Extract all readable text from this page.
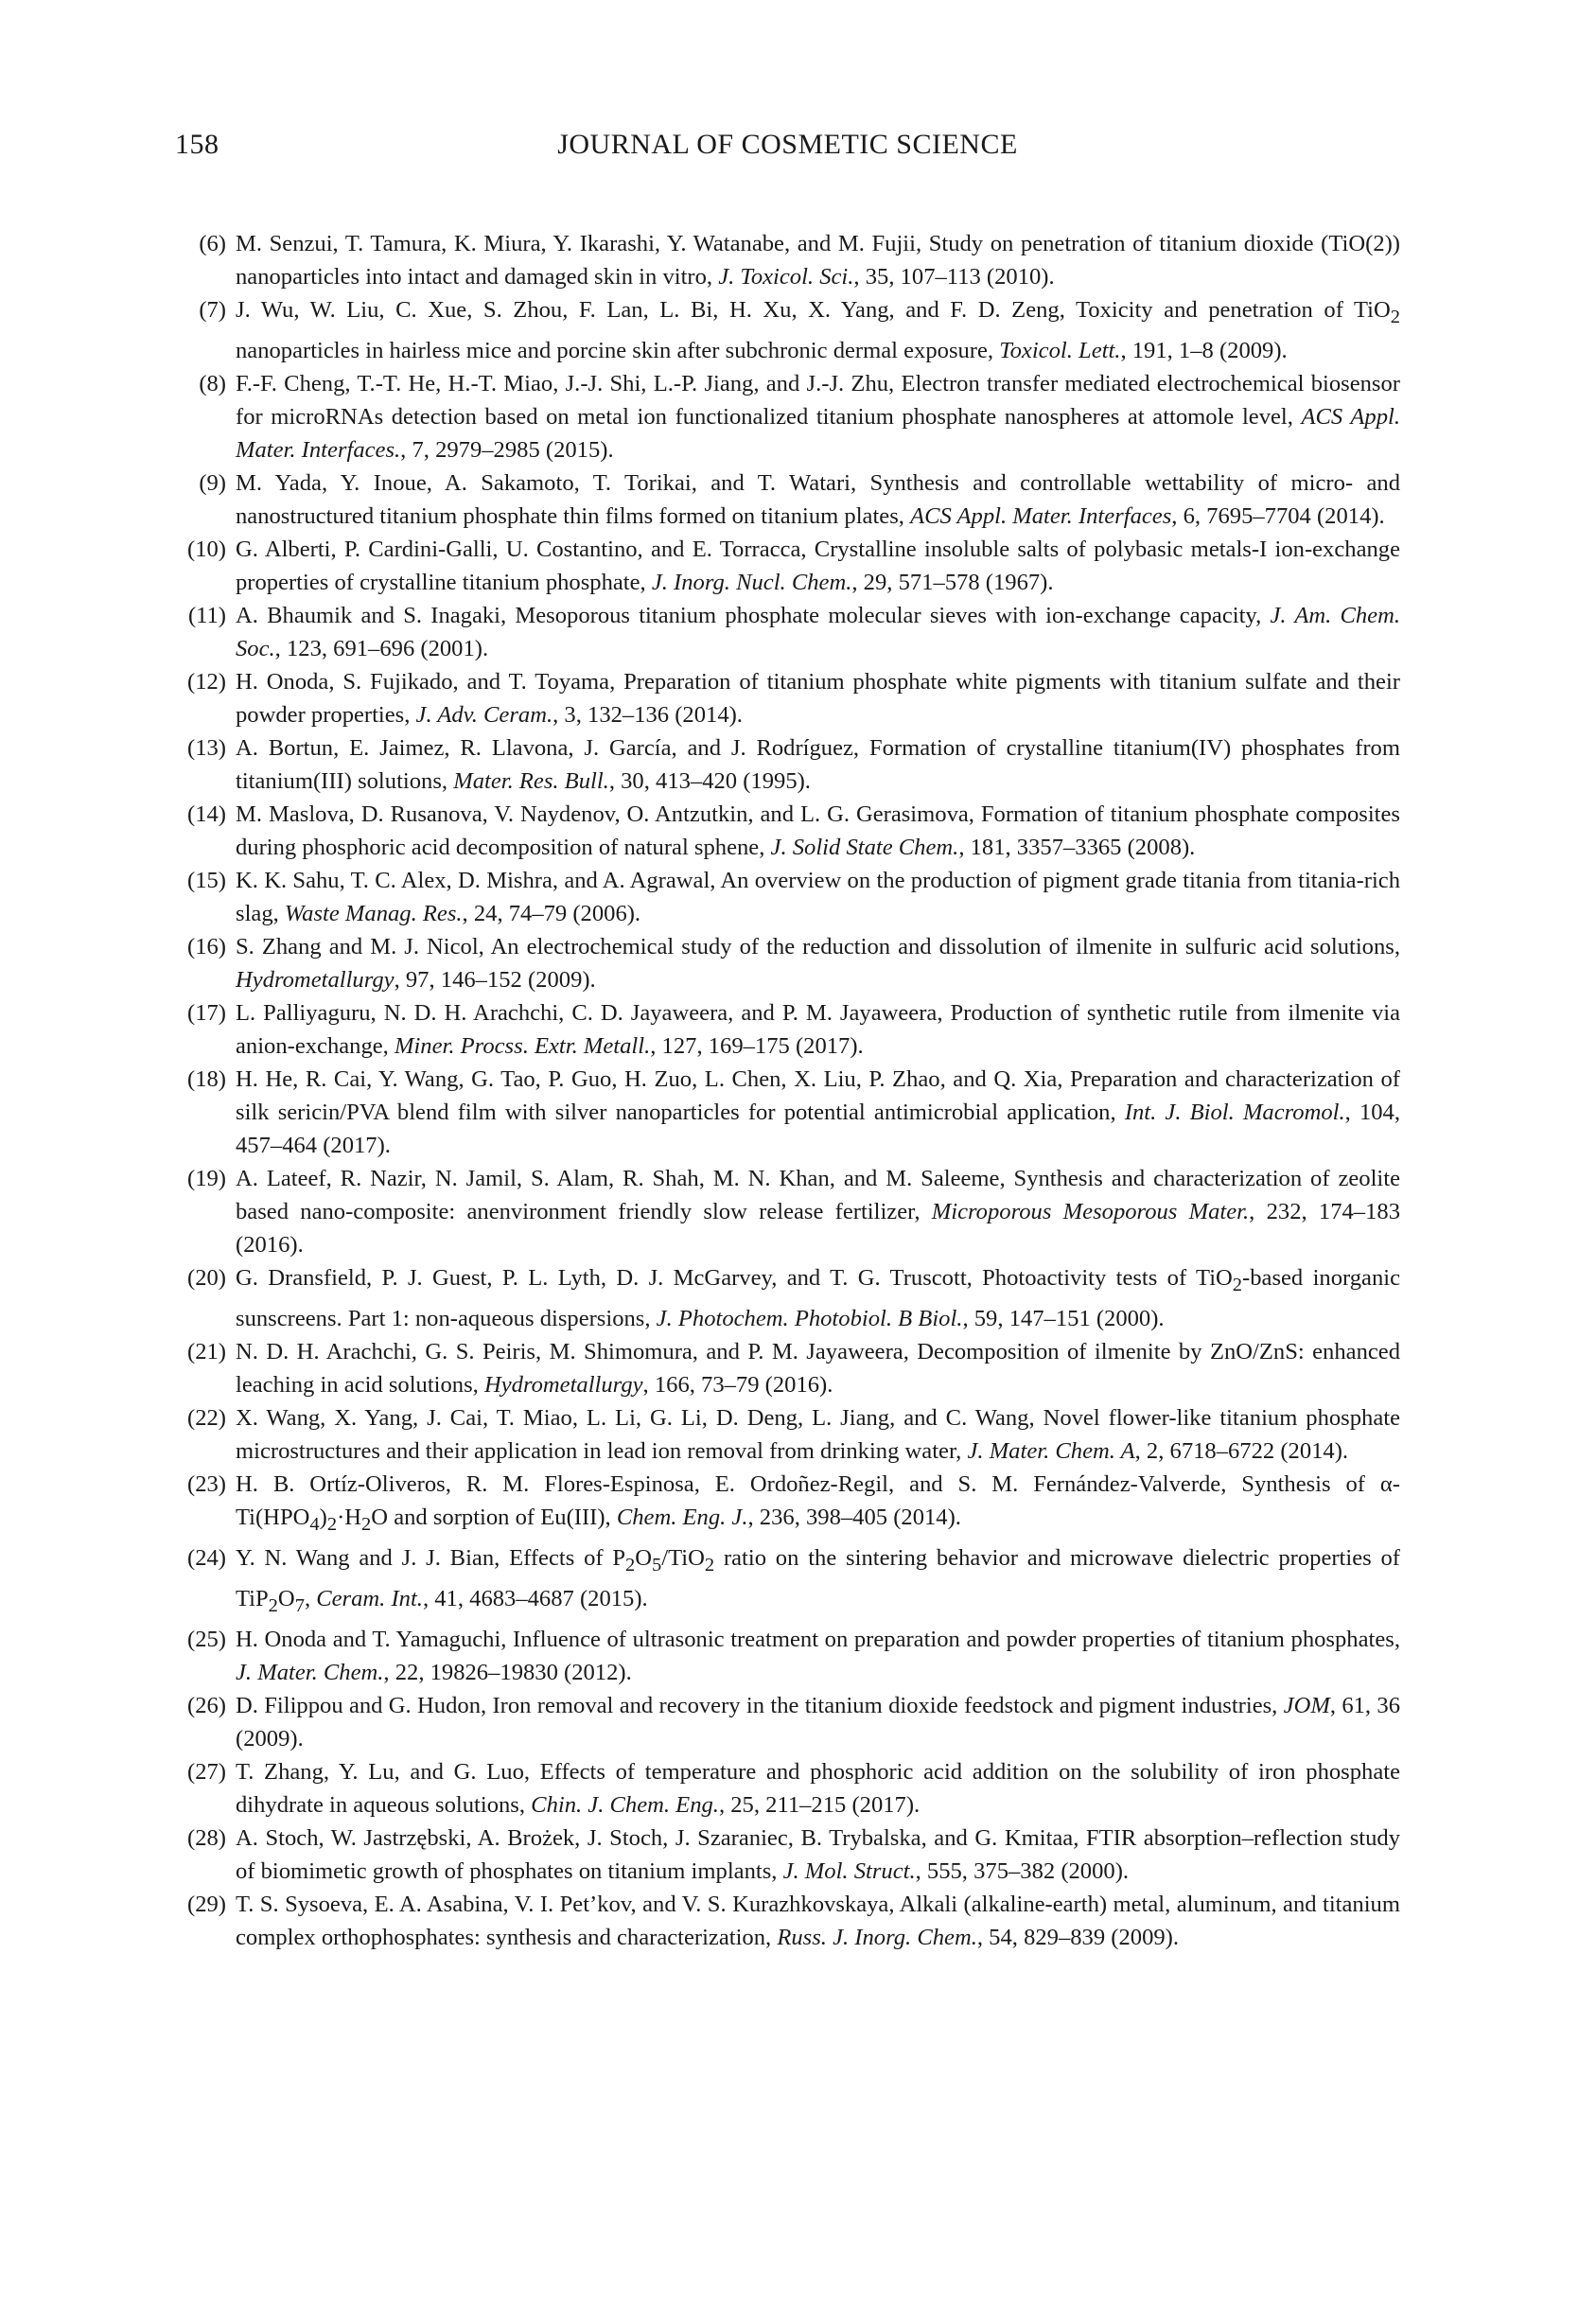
158	JOURNAL OF COSMETIC SCIENCE
(6) M. Senzui, T. Tamura, K. Miura, Y. Ikarashi, Y. Watanabe, and M. Fujii, Study on penetration of titanium dioxide (TiO(2)) nanoparticles into intact and damaged skin in vitro, J. Toxicol. Sci., 35, 107–113 (2010).
(7) J. Wu, W. Liu, C. Xue, S. Zhou, F. Lan, L. Bi, H. Xu, X. Yang, and F. D. Zeng, Toxicity and penetration of TiO$_2$ nanoparticles in hairless mice and porcine skin after subchronic dermal exposure, Toxicol. Lett., 191, 1–8 (2009).
(8) F.-F. Cheng, T.-T. He, H.-T. Miao, J.-J. Shi, L.-P. Jiang, and J.-J. Zhu, Electron transfer mediated electrochemical biosensor for microRNAs detection based on metal ion functionalized titanium phosphate nanospheres at attomole level, ACS Appl. Mater. Interfaces., 7, 2979–2985 (2015).
(9) M. Yada, Y. Inoue, A. Sakamoto, T. Torikai, and T. Watari, Synthesis and controllable wettability of micro- and nanostructured titanium phosphate thin films formed on titanium plates, ACS Appl. Mater. Interfaces, 6, 7695–7704 (2014).
(10) G. Alberti, P. Cardini-Galli, U. Costantino, and E. Torracca, Crystalline insoluble salts of polybasic metals-I ion-exchange properties of crystalline titanium phosphate, J. Inorg. Nucl. Chem., 29, 571–578 (1967).
(11) A. Bhaumik and S. Inagaki, Mesoporous titanium phosphate molecular sieves with ion-exchange capacity, J. Am. Chem. Soc., 123, 691–696 (2001).
(12) H. Onoda, S. Fujikado, and T. Toyama, Preparation of titanium phosphate white pigments with titanium sulfate and their powder properties, J. Adv. Ceram., 3, 132–136 (2014).
(13) A. Bortun, E. Jaimez, R. Llavona, J. García, and J. Rodríguez, Formation of crystalline titanium(IV) phosphates from titanium(III) solutions, Mater. Res. Bull., 30, 413–420 (1995).
(14) M. Maslova, D. Rusanova, V. Naydenov, O. Antzutkin, and L. G. Gerasimova, Formation of titanium phosphate composites during phosphoric acid decomposition of natural sphene, J. Solid State Chem., 181, 3357–3365 (2008).
(15) K. K. Sahu, T. C. Alex, D. Mishra, and A. Agrawal, An overview on the production of pigment grade titania from titania-rich slag, Waste Manag. Res., 24, 74–79 (2006).
(16) S. Zhang and M. J. Nicol, An electrochemical study of the reduction and dissolution of ilmenite in sulfuric acid solutions, Hydrometallurgy, 97, 146–152 (2009).
(17) L. Palliyaguru, N. D. H. Arachchi, C. D. Jayaweera, and P. M. Jayaweera, Production of synthetic rutile from ilmenite via anion-exchange, Miner. Procss. Extr. Metall., 127, 169–175 (2017).
(18) H. He, R. Cai, Y. Wang, G. Tao, P. Guo, H. Zuo, L. Chen, X. Liu, P. Zhao, and Q. Xia, Preparation and characterization of silk sericin/PVA blend film with silver nanoparticles for potential antimicrobial application, Int. J. Biol. Macromol., 104, 457–464 (2017).
(19) A. Lateef, R. Nazir, N. Jamil, S. Alam, R. Shah, M. N. Khan, and M. Saleeme, Synthesis and characterization of zeolite based nano-composite: anenvironment friendly slow release fertilizer, Microporous Mesoporous Mater., 232, 174–183 (2016).
(20) G. Dransfield, P. J. Guest, P. L. Lyth, D. J. McGarvey, and T. G. Truscott, Photoactivity tests of TiO$_2$-based inorganic sunscreens. Part 1: non-aqueous dispersions, J. Photochem. Photobiol. B Biol., 59, 147–151 (2000).
(21) N. D. H. Arachchi, G. S. Peiris, M. Shimomura, and P. M. Jayaweera, Decomposition of ilmenite by ZnO/ZnS: enhanced leaching in acid solutions, Hydrometallurgy, 166, 73–79 (2016).
(22) X. Wang, X. Yang, J. Cai, T. Miao, L. Li, G. Li, D. Deng, L. Jiang, and C. Wang, Novel flower-like titanium phosphate microstructures and their application in lead ion removal from drinking water, J. Mater. Chem. A, 2, 6718–6722 (2014).
(23) H. B. Ortíz-Oliveros, R. M. Flores-Espinosa, E. Ordoñez-Regil, and S. M. Fernández-Valverde, Synthesis of $\alpha-Ti(HPO_4)_2\cdot H_2O$ and sorption of Eu(III), Chem. Eng. J., 236, 398–405 (2014).
(24) Y. N. Wang and J. J. Bian, Effects of $P_2O_5/TiO_2$ ratio on the sintering behavior and microwave dielectric properties of $TiP_2O_7$, Ceram. Int., 41, 4683–4687 (2015).
(25) H. Onoda and T. Yamaguchi, Influence of ultrasonic treatment on preparation and powder properties of titanium phosphates, J. Mater. Chem., 22, 19826–19830 (2012).
(26) D. Filippou and G. Hudon, Iron removal and recovery in the titanium dioxide feedstock and pigment industries, JOM, 61, 36 (2009).
(27) T. Zhang, Y. Lu, and G. Luo, Effects of temperature and phosphoric acid addition on the solubility of iron phosphate dihydrate in aqueous solutions, Chin. J. Chem. Eng., 25, 211–215 (2017).
(28) A. Stoch, W. Jastrzębski, A. Brożek, J. Stoch, J. Szaraniec, B. Trybalska, and G. Kmitaa, FTIR absorption–reflection study of biomimetic growth of phosphates on titanium implants, J. Mol. Struct., 555, 375–382 (2000).
(29) T. S. Sysoeva, E. A. Asabina, V. I. Pet’kov, and V. S. Kurazhkovskaya, Alkali (alkaline-earth) metal, aluminum, and titanium complex orthophosphates: synthesis and characterization, Russ. J. Inorg. Chem., 54, 829–839 (2009).
